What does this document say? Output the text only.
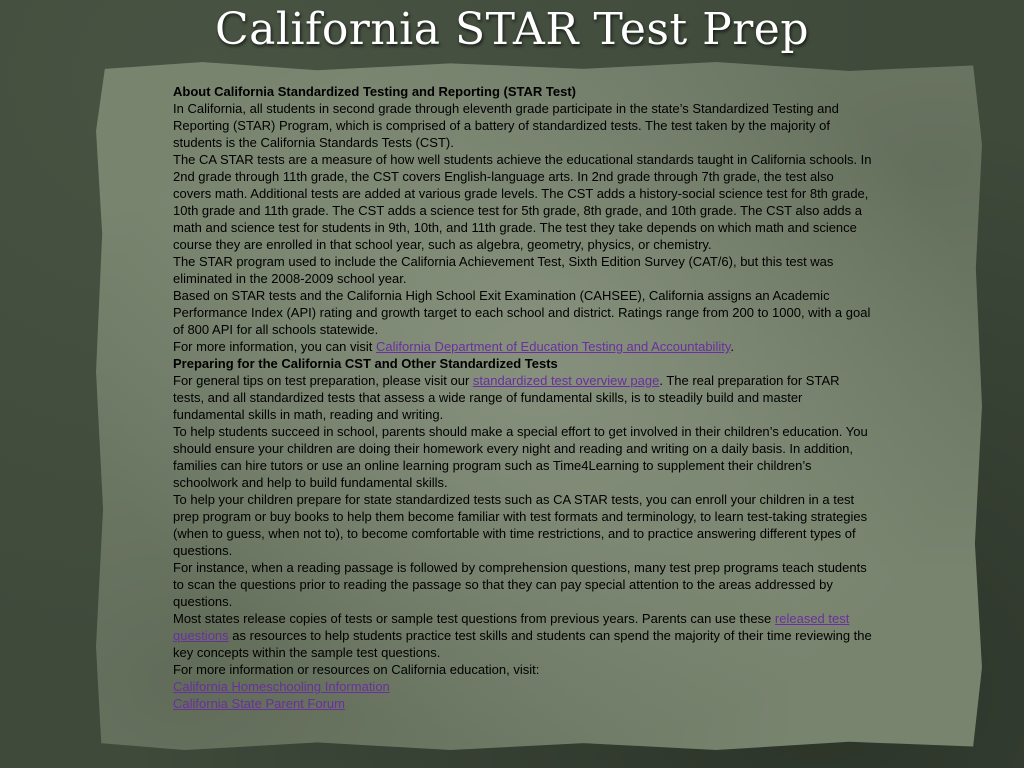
California STAR Test Prep

About California Standardized Testing and Reporting (STAR Test)

In California, all students in second grade through eleventh grade participate in the state’s Standardized Testing and Reporting (STAR) Program, which is comprised of a battery of standardized tests. The test taken by the majority of students is the California Standards Tests (CST).

The CA STAR tests are a measure of how well students achieve the educational standards taught in California schools. In 2nd grade through 11th grade, the CST covers English-language arts. In 2nd grade through 7th grade, the test also covers math. Additional tests are added at various grade levels. The CST adds a history-social science test for 8th grade, 10th grade and 11th grade. The CST adds a science test for 5th grade, 8th grade, and 10th grade. The CST also adds a math and science test for students in 9th, 10th, and 11th grade. The test they take depends on which math and science course they are enrolled in that school year, such as algebra, geometry, physics, or chemistry.

The STAR program used to include the California Achievement Test, Sixth Edition Survey (CAT/6), but this test was eliminated in the 2008-2009 school year.

Based on STAR tests and the California High School Exit Examination (CAHSEE), California assigns an Academic Performance Index (API) rating and growth target to each school and district. Ratings range from 200 to 1000, with a goal of 800 API for all schools statewide.

For more information, you can visit California Department of Education Testing and Accountability.

Preparing for the California CST and Other Standardized Tests

For general tips on test preparation, please visit our standardized test overview page. The real preparation for STAR tests, and all standardized tests that assess a wide range of fundamental skills, is to steadily build and master fundamental skills in math, reading and writing.

To help students succeed in school, parents should make a special effort to get involved in their children’s education. You should ensure your children are doing their homework every night and reading and writing on a daily basis. In addition, families can hire tutors or use an online learning program such as Time4Learning to supplement their children’s schoolwork and help to build fundamental skills.

To help your children prepare for state standardized tests such as CA STAR tests, you can enroll your children in a test prep program or buy books to help them become familiar with test formats and terminology, to learn test-taking strategies (when to guess, when not to), to become comfortable with time restrictions, and to practice answering different types of questions.

For instance, when a reading passage is followed by comprehension questions, many test prep programs teach students to scan the questions prior to reading the passage so that they can pay special attention to the areas addressed by questions.

Most states release copies of tests or sample test questions from previous years. Parents can use these released test questions as resources to help students practice test skills and students can spend the majority of their time reviewing the key concepts within the sample test questions.

For more information or resources on California education, visit:

California Homeschooling Information

California State Parent Forum
